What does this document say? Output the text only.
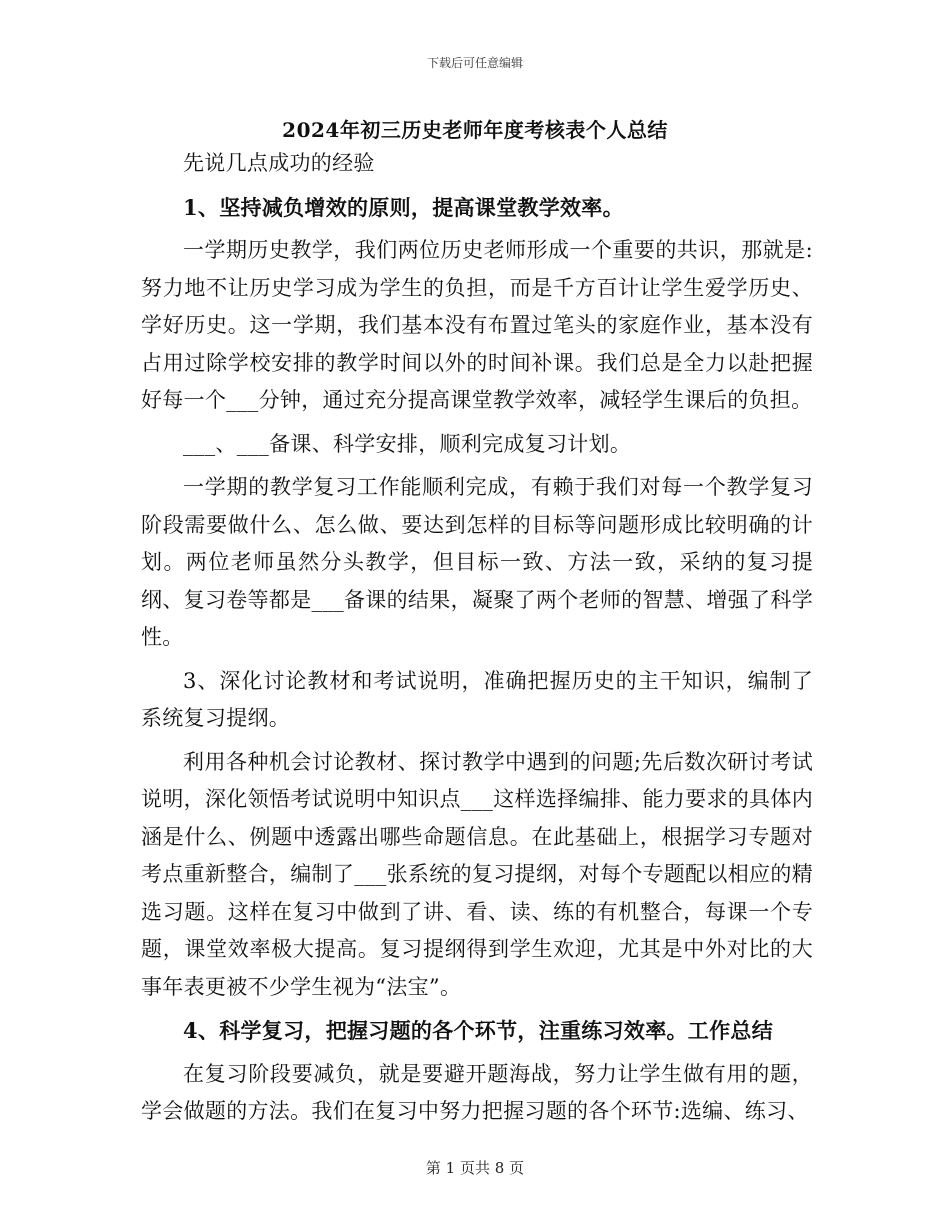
下载后可任意编辑
2024年初三历史老师年度考核表个人总结

先说几点成功的经验

1、坚持减负增效的原则，提高课堂教学效率。

一学期历史教学，我们两位历史老师形成一个重要的共识，那就是:努力地不让历史学习成为学生的负担，而是千方百计让学生爱学历史、学好历史。这一学期，我们基本没有布置过笔头的家庭作业，基本没有占用过除学校安排的教学时间以外的时间补课。我们总是全力以赴把握好每一个___分钟，通过充分提高课堂教学效率，减轻学生课后的负担。

___、___备课、科学安排，顺利完成复习计划。

一学期的教学复习工作能顺利完成，有赖于我们对每一个教学复习阶段需要做什么、怎么做、要达到怎样的目标等问题形成比较明确的计划。两位老师虽然分头教学，但目标一致、方法一致，采纳的复习提纲、复习卷等都是___备课的结果，凝聚了两个老师的智慧、增强了科学性。

3、深化讨论教材和考试说明，准确把握历史的主干知识，编制了系统复习提纲。

利用各种机会讨论教材、探讨教学中遇到的问题;先后数次研讨考试说明，深化领悟考试说明中知识点___这样选择编排、能力要求的具体内涵是什么、例题中透露出哪些命题信息。在此基础上，根据学习专题对考点重新整合，编制了___张系统的复习提纲，对每个专题配以相应的精选习题。这样在复习中做到了讲、看、读、练的有机整合，每课一个专题，课堂效率极大提高。复习提纲得到学生欢迎，尤其是中外对比的大事年表更被不少学生视为“法宝”。

4、科学复习，把握习题的各个环节，注重练习效率。工作总结

在复习阶段要减负，就是要避开题海战，努力让学生做有用的题，学会做题的方法。我们在复习中努力把握习题的各个环节:选编、练习、

第 1 页共 8 页
